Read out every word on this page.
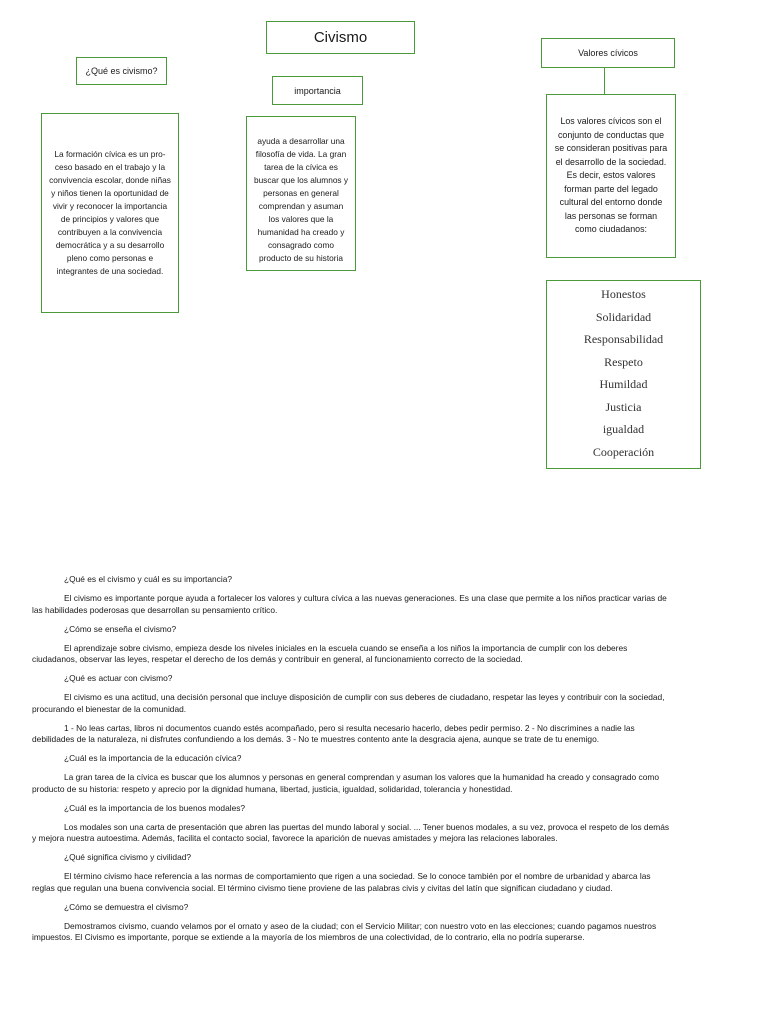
Civismo
¿Qué es civismo?
importancia
Valores cívicos
La formación cívica es un pro- ceso basado en el trabajo y la convivencia escolar, donde niñas y niños tienen la oportunidad de vivir y reconocer la importancia de principios y valores que contribuyen a la convivencia democrática y a su desarrollo pleno como personas e integrantes de una sociedad.
ayuda a desarrollar una filosofía de vida. La gran tarea de la cívica es buscar que los alumnos y personas en general comprendan y asuman los valores que la humanidad ha creado y consagrado como producto de su historia
Los valores cívicos son el conjunto de conductas que se consideran positivas para el desarrollo de la sociedad. Es decir, estos valores forman parte del legado cultural del entorno donde las personas se forman como ciudadanos:
Honestos
Solidaridad
Responsabilidad
Respeto
Humildad
Justicia
igualdad
Cooperación

¿Qué es el civismo y cuál es su importancia?

El civismo es importante porque ayuda a fortalecer los valores y cultura cívica a las nuevas generaciones. Es una clase que permite a los niños practicar varias de las habilidades poderosas que desarrollan su pensamiento crítico.

¿Cómo se enseña el civismo?

El aprendizaje sobre civismo, empieza desde los niveles iniciales en la escuela cuando se enseña a los niños la importancia de cumplir con los deberes ciudadanos, observar las leyes, respetar el derecho de los demás y contribuir en general, al funcionamiento correcto de la sociedad.

¿Qué es actuar con civismo?

El civismo es una actitud, una decisión personal que incluye disposición de cumplir con sus deberes de ciudadano, respetar las leyes y contribuir con la sociedad, procurando el bienestar de la comunidad.

1 - No leas cartas, libros ni documentos cuando estés acompañado, pero si resulta necesario hacerlo, debes pedir permiso. 2 - No discrimines a nadie las debilidades de la naturaleza, ni disfrutes confundiendo a los demás. 3 - No te muestres contento ante la desgracia ajena, aunque se trate de tu enemigo.

¿Cuál es la importancia de la educación cívica?

La gran tarea de la cívica es buscar que los alumnos y personas en general comprendan y asuman los valores que la humanidad ha creado y consagrado como producto de su historia: respeto y aprecio por la dignidad humana, libertad, justicia, igualdad, solidaridad, tolerancia y honestidad.

¿Cuál es la importancia de los buenos modales?

Los modales son una carta de presentación que abren las puertas del mundo laboral y social. ... Tener buenos modales, a su vez, provoca el respeto de los demás y mejora nuestra autoestima. Además, facilita el contacto social, favorece la aparición de nuevas amistades y mejora las relaciones laborales.

¿Qué significa civismo y civilidad?

El término civismo hace referencia a las normas de comportamiento que rigen a una sociedad. Se lo conoce también por el nombre de urbanidad y abarca las reglas que regulan una buena convivencia social. El término civismo tiene proviene de las palabras civis y civitas del latín que significan ciudadano y ciudad.

¿Cómo se demuestra el civismo?

Demostramos civismo, cuando velamos por el ornato y aseo de la ciudad; con el Servicio Militar; con nuestro voto en las elecciones; cuando pagamos nuestros impuestos. El Civismo es importante, porque se extiende a la mayoría de los miembros de una colectividad, de lo contrario, ella no podría superarse.
